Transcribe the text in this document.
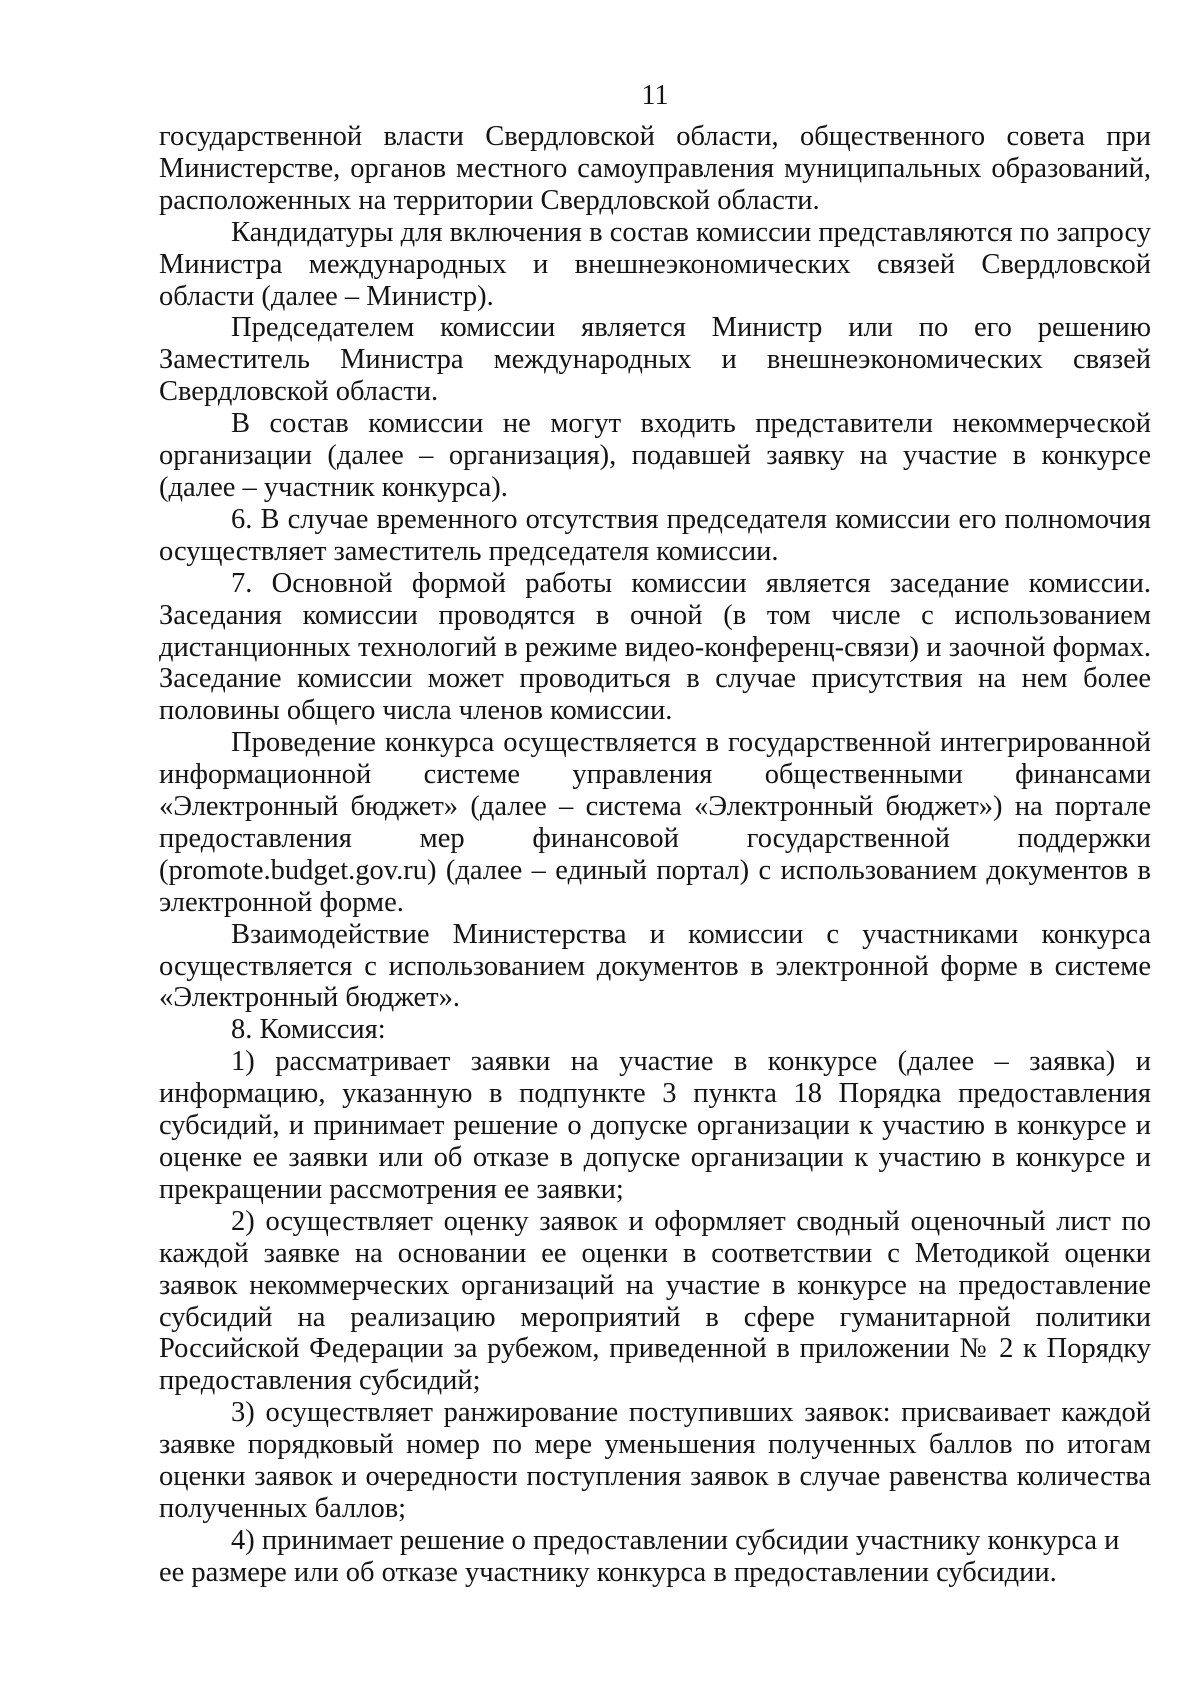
11

государственной власти Свердловской области, общественного совета при Министерстве, органов местного самоуправления муниципальных образований, расположенных на территории Свердловской области.

Кандидатуры для включения в состав комиссии представляются по запросу Министра международных и внешнеэкономических связей Свердловской области (далее – Министр).

Председателем комиссии является Министр или по его решению Заместитель Министра международных и внешнеэкономических связей Свердловской области.

В состав комиссии не могут входить представители некоммерческой организации (далее – организация), подавшей заявку на участие в конкурсе (далее – участник конкурса).

6. В случае временного отсутствия председателя комиссии его полномочия осуществляет заместитель председателя комиссии.

7. Основной формой работы комиссии является заседание комиссии. Заседания комиссии проводятся в очной (в том числе с использованием дистанционных технологий в режиме видео-конференц-связи) и заочной формах. Заседание комиссии может проводиться в случае присутствия на нем более половины общего числа членов комиссии.

Проведение конкурса осуществляется в государственной интегрированной информационной системе управления общественными финансами «Электронный бюджет» (далее – система «Электронный бюджет») на портале предоставления мер финансовой государственной поддержки (promote.budget.gov.ru) (далее – единый портал) с использованием документов в электронной форме.

Взаимодействие Министерства и комиссии с участниками конкурса осуществляется с использованием документов в электронной форме в системе «Электронный бюджет».

8. Комиссия:

1) рассматривает заявки на участие в конкурсе (далее – заявка) и информацию, указанную в подпункте 3 пункта 18 Порядка предоставления субсидий, и принимает решение о допуске организации к участию в конкурсе и оценке ее заявки или об отказе в допуске организации к участию в конкурсе и прекращении рассмотрения ее заявки;

2) осуществляет оценку заявок и оформляет сводный оценочный лист по каждой заявке на основании ее оценки в соответствии с Методикой оценки заявок некоммерческих организаций на участие в конкурсе на предоставление субсидий на реализацию мероприятий в сфере гуманитарной политики Российской Федерации за рубежом, приведенной в приложении № 2 к Порядку предоставления субсидий;

3) осуществляет ранжирование поступивших заявок: присваивает каждой заявке порядковый номер по мере уменьшения полученных баллов по итогам оценки заявок и очередности поступления заявок в случае равенства количества полученных баллов;

4) принимает решение о предоставлении субсидии участнику конкурса и ее размере или об отказе участнику конкурса в предоставлении субсидии.
